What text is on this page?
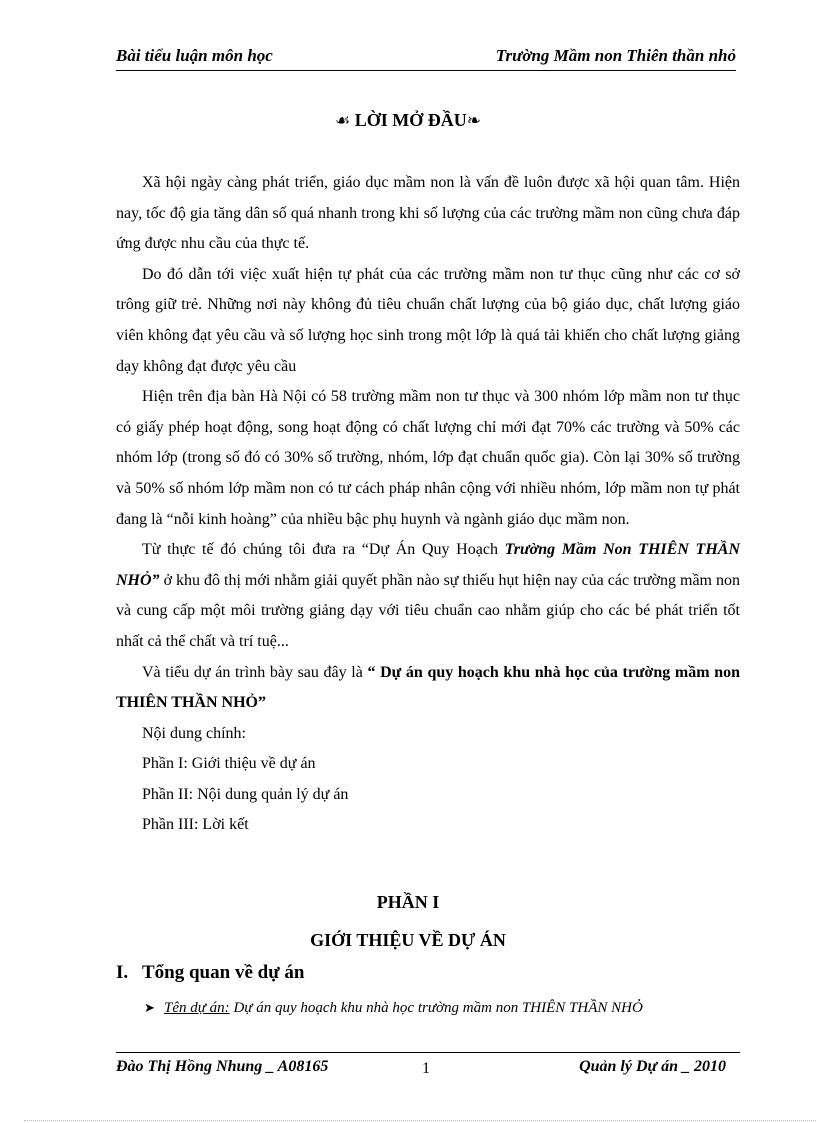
Bài tiểu luận môn học	Trường Mầm non Thiên thần nhỏ
☙ LỜI MỞ ĐẦU❧

Xã hội ngày càng phát triển, giáo dục mầm non là vấn đề luôn được xã hội quan tâm. Hiện nay, tốc độ gia tăng dân số quá nhanh trong khi số lượng của các trường mầm non cũng chưa đáp ứng được nhu cầu của thực tế.

Do đó dẫn tới việc xuất hiện tự phát của các trường mầm non tư thục cũng như các cơ sở trông giữ trẻ. Những nơi này không đủ tiêu chuẩn chất lượng của bộ giáo dục, chất lượng giáo viên không đạt yêu cầu và số lượng học sinh trong một lớp là quá tải khiến cho chất lượng giảng dạy không đạt được yêu cầu

Hiện trên địa bàn Hà Nội có 58 trường mầm non tư thục và 300 nhóm lớp mầm non tư thục có giấy phép hoạt động, song hoạt động có chất lượng chỉ mới đạt 70% các trường và 50% các nhóm lớp (trong số đó có 30% số trường, nhóm, lớp đạt chuẩn quốc gia). Còn lại 30% số trường và 50% số nhóm lớp mầm non có tư cách pháp nhân cộng với nhiều nhóm, lớp mầm non tự phát đang là “nỗi kinh hoàng” của nhiều bậc phụ huynh và ngành giáo dục mầm non.

Từ thực tế đó chúng tôi đưa ra “Dự Án Quy Hoạch Trường Mầm Non THIÊN THẦN NHỎ” ở khu đô thị mới nhằm giải quyết phần nào sự thiếu hụt hiện nay của các trường mầm non và cung cấp một môi trường giảng dạy với tiêu chuẩn cao nhằm giúp cho các bé phát triển tốt nhất cả thể chất và trí tuệ...

Và tiểu dự án trình bày sau đây là “ Dự án quy hoạch khu nhà học của trường mầm non THIÊN THẦN NHỎ”

Nội dung chính:

Phần I: Giới thiệu về dự án

Phần II: Nội dung quản lý dự án

Phần III: Lời kết

PHẦN I
GIỚI THIỆU VỀ DỰ ÁN
I. Tổng quan về dự án
➤ Tên dự án: Dự án quy hoạch khu nhà học trường mầm non THIÊN THẦN NHỎ
Đào Thị Hồng Nhung _ A08165	1	Quản lý Dự án _ 2010
